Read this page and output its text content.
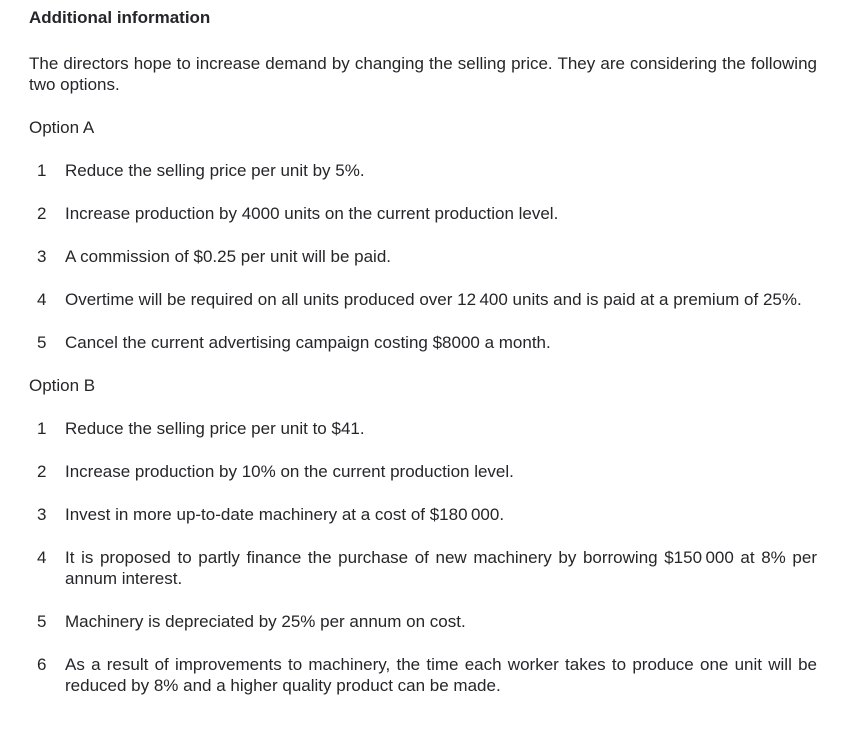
Additional information

The directors hope to increase demand by changing the selling price. They are considering the following two options.

Option A

1	Reduce the selling price per unit by 5%.
2	Increase production by 4000 units on the current production level.
3	A commission of $0.25 per unit will be paid.
4	Overtime will be required on all units produced over 12 400 units and is paid at a premium of 25%.
5	Cancel the current advertising campaign costing $8000 a month.

Option B

1	Reduce the selling price per unit to $41.
2	Increase production by 10% on the current production level.
3	Invest in more up-to-date machinery at a cost of $180 000.
4	It is proposed to partly finance the purchase of new machinery by borrowing $150 000 at 8% per annum interest.
5	Machinery is depreciated by 25% per annum on cost.
6	As a result of improvements to machinery, the time each worker takes to produce one unit will be reduced by 8% and a higher quality product can be made.
